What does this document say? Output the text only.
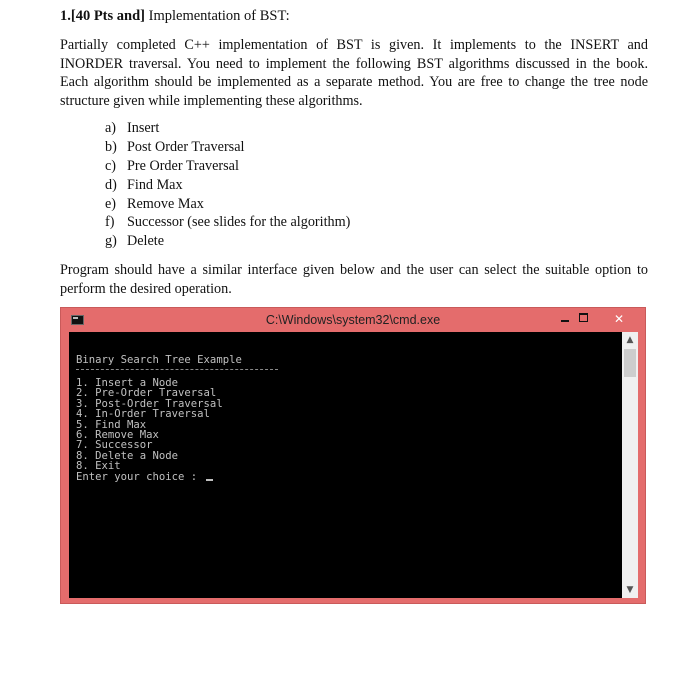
1.[40 Pts and] Implementation of BST:
Partially completed C++ implementation of BST is given. It implements to the INSERT and INORDER traversal. You need to implement the following BST algorithms discussed in the book. Each algorithm should be implemented as a separate method. You are free to change the tree node structure given while implementing these algorithms.
a) Insert
b) Post Order Traversal
c) Pre Order Traversal
d) Find Max
e) Remove Max
f) Successor (see slides for the algorithm)
g) Delete
Program should have a similar interface given below and the user can select the suitable option to perform the desired operation.
C:\Windows\system32\cmd.exe	✕
Binary Search Tree Example
1. Insert a Node
2. Pre-Order Traversal
3. Post-Order Traversal
4. In-Order Traversal
5. Find Max
6. Remove Max
7. Successor
8. Delete a Node
8. Exit
Enter your choice :
▲
▼
